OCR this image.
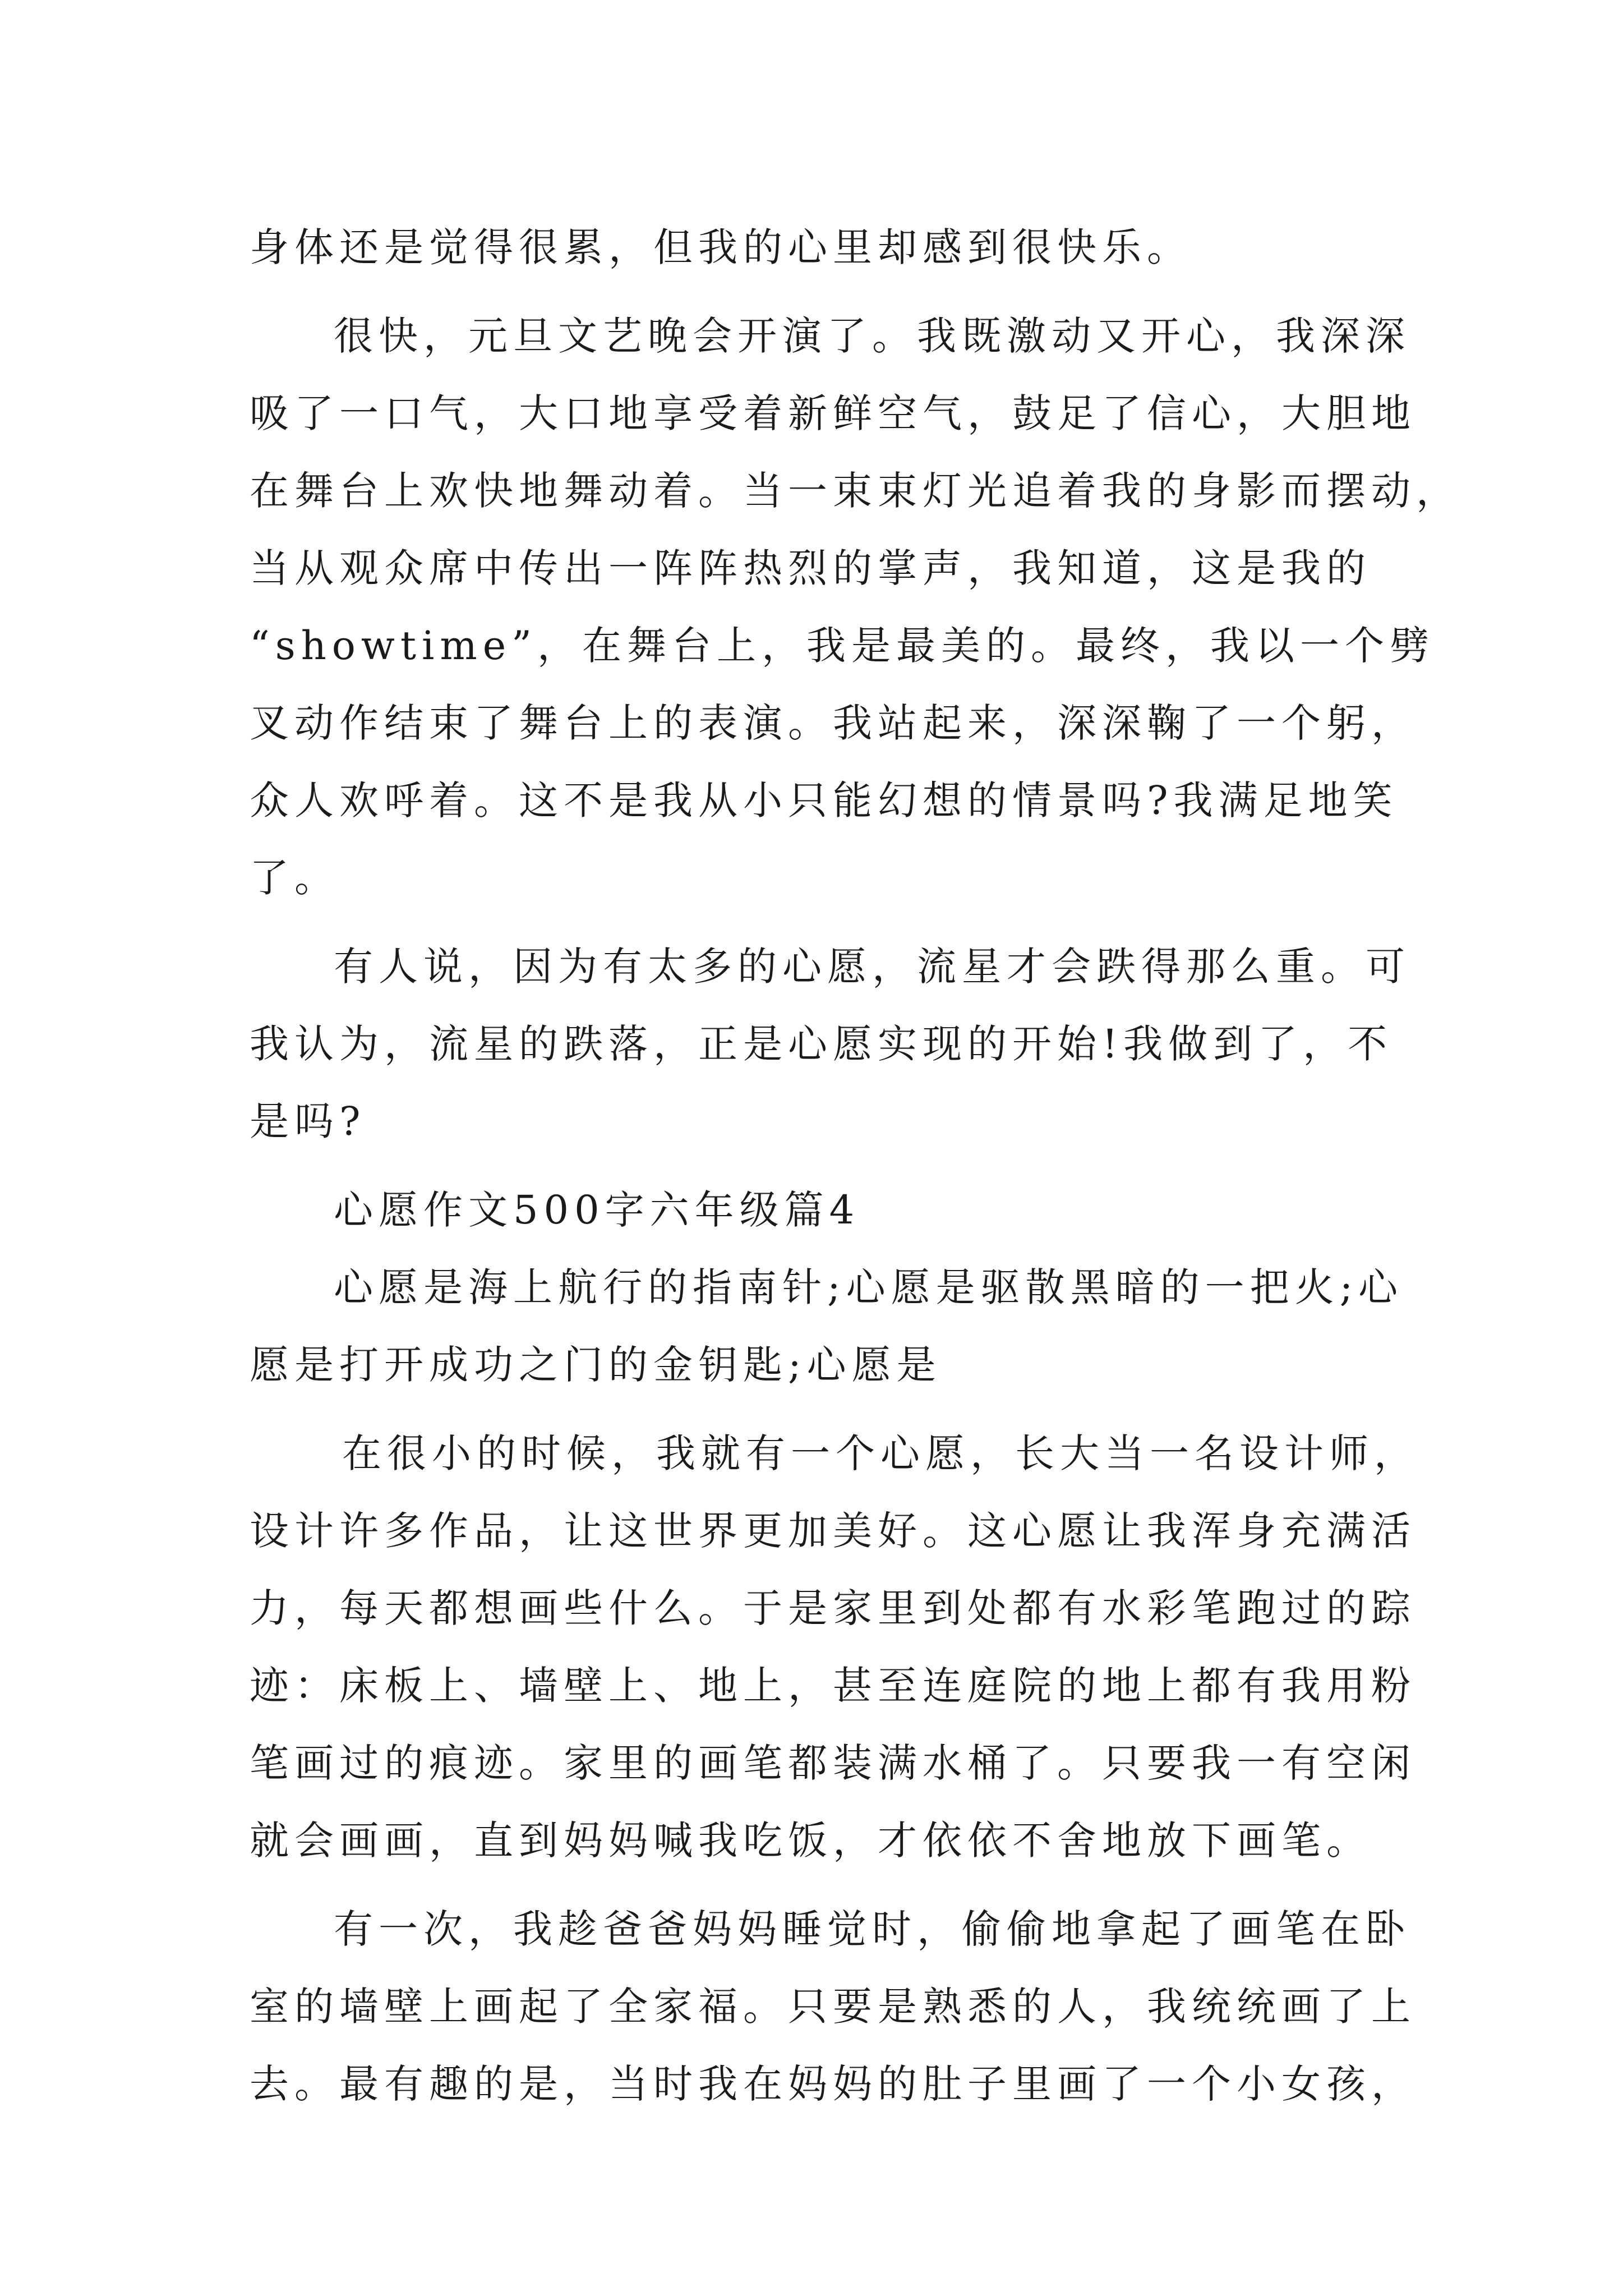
身体还是觉得很累，但我的心里却感到很快乐。
很快，元旦文艺晚会开演了。我既激动又开心，我深深
吸了一口气，大口地享受着新鲜空气，鼓足了信心，大胆地
在舞台上欢快地舞动着。当一束束灯光追着我的身影而摆动，
当从观众席中传出一阵阵热烈的掌声，我知道，这是我的
“showtime”，在舞台上，我是最美的。最终，我以一个劈
叉动作结束了舞台上的表演。我站起来，深深鞠了一个躬，
众人欢呼着。这不是我从小只能幻想的情景吗?我满足地笑
了。
有人说，因为有太多的心愿，流星才会跌得那么重。可
我认为，流星的跌落，正是心愿实现的开始!我做到了，不
是吗?
心愿作文500字六年级篇4
心愿是海上航行的指南针;心愿是驱散黑暗的一把火;心
愿是打开成功之门的金钥匙;心愿是
在很小的时候，我就有一个心愿，长大当一名设计师，
设计许多作品，让这世界更加美好。这心愿让我浑身充满活
力，每天都想画些什么。于是家里到处都有水彩笔跑过的踪
迹：床板上、墙壁上、地上，甚至连庭院的地上都有我用粉
笔画过的痕迹。家里的画笔都装满水桶了。只要我一有空闲
就会画画，直到妈妈喊我吃饭，才依依不舍地放下画笔。
有一次，我趁爸爸妈妈睡觉时，偷偷地拿起了画笔在卧
室的墙壁上画起了全家福。只要是熟悉的人，我统统画了上
去。最有趣的是，当时我在妈妈的肚子里画了一个小女孩，
